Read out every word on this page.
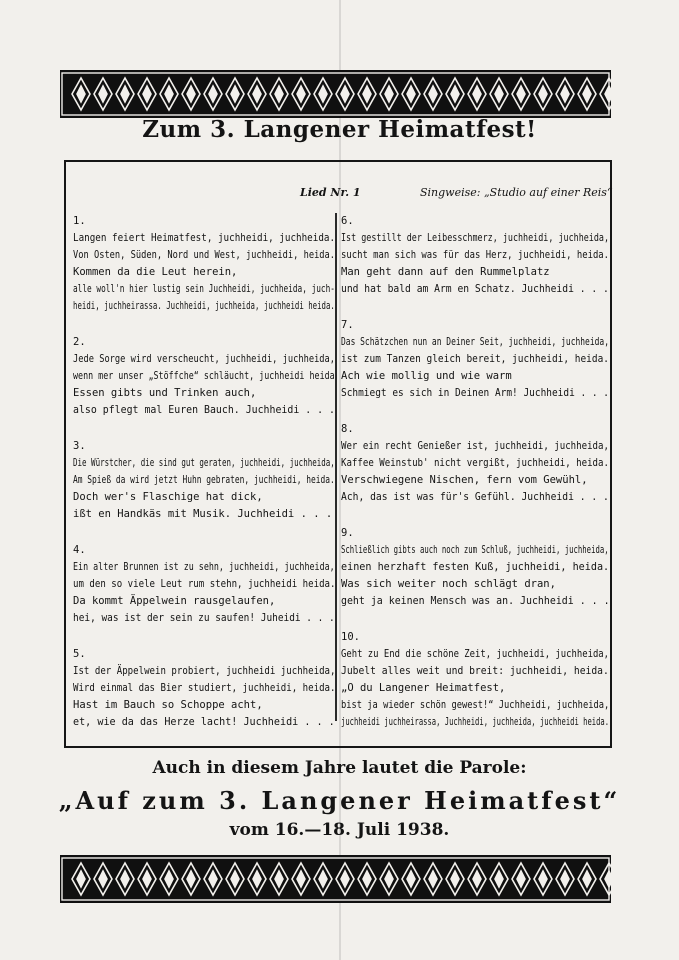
Zum 3. Langener Heimatfest!
Lied Nr. 1	Singweise: „Studio auf einer Reis“
1.
Langen feiert Heimatfest, juchheidi, juchheida.
Von Osten, Süden, Nord und West, juchheidi, heida.
Kommen da die Leut herein,
alle woll'n hier lustig sein Juchheidi, juchheida, juch-
heidi, juchheirassa. Juchheidi, juchheida, juchheidi heida.
2.
Jede Sorge wird verscheucht, juchheidi, juchheida,
wenn mer unser „Stöffche“ schläucht, juchheidi heida
Essen gibts und Trinken auch,
also pflegt mal Euren Bauch. Juchheidi . . .
3.
Die Würstcher, die sind gut geraten, juchheidi, juchheida,
Am Spieß da wird jetzt Huhn gebraten, juchheidi, heida.
Doch wer's Flaschige hat dick,
ißt en Handkäs mit Musik. Juchheidi . . .
4.
Ein alter Brunnen ist zu sehn, juchheidi, juchheida,
um den so viele Leut rum stehn, juchheidi heida.
Da kommt Äppelwein rausgelaufen,
hei, was ist der sein zu saufen! Juheidi . . .
5.
Ist der Äppelwein probiert, juchheidi juchheida,
Wird einmal das Bier studiert, juchheidi, heida.
Hast im Bauch so Schoppe acht,
et, wie da das Herze lacht! Juchheidi . . .
6.
Ist gestillt der Leibesschmerz, juchheidi, juchheida,
sucht man sich was für das Herz, juchheidi, heida.
Man geht dann auf den Rummelplatz
und hat bald am Arm en Schatz. Juchheidi . . .
7.
Das Schätzchen nun an Deiner Seit, juchheidi, juchheida,
ist zum Tanzen gleich bereit, juchheidi, heida.
Ach wie mollig und wie warm
Schmiegt es sich in Deinen Arm! Juchheidi . . .
8.
Wer ein recht Genießer ist, juchheidi, juchheida,
Kaffee Weinstub' nicht vergißt, juchheidi, heida.
Verschwiegene Nischen, fern vom Gewühl,
Ach, das ist was für's Gefühl. Juchheidi . . .
9.
Schließlich gibts auch noch zum Schluß, juchheidi, juchheida,
einen herzhaft festen Kuß, juchheidi, heida.
Was sich weiter noch schlägt dran,
geht ja keinen Mensch was an. Juchheidi . . .
10.
Geht zu End die schöne Zeit, juchheidi, juchheida,
Jubelt alles weit und breit: juchheidi, heida.
„O du Langener Heimatfest,
bist ja wieder schön gewest!“ Juchheidi, juchheida,
juchheidi juchheirassa, Juchheidi, juchheida, juchheidi heida.
Auch in diesem Jahre lautet die Parole:
„Auf zum 3. Langener Heimatfest“
vom 16.—18. Juli 1938.
